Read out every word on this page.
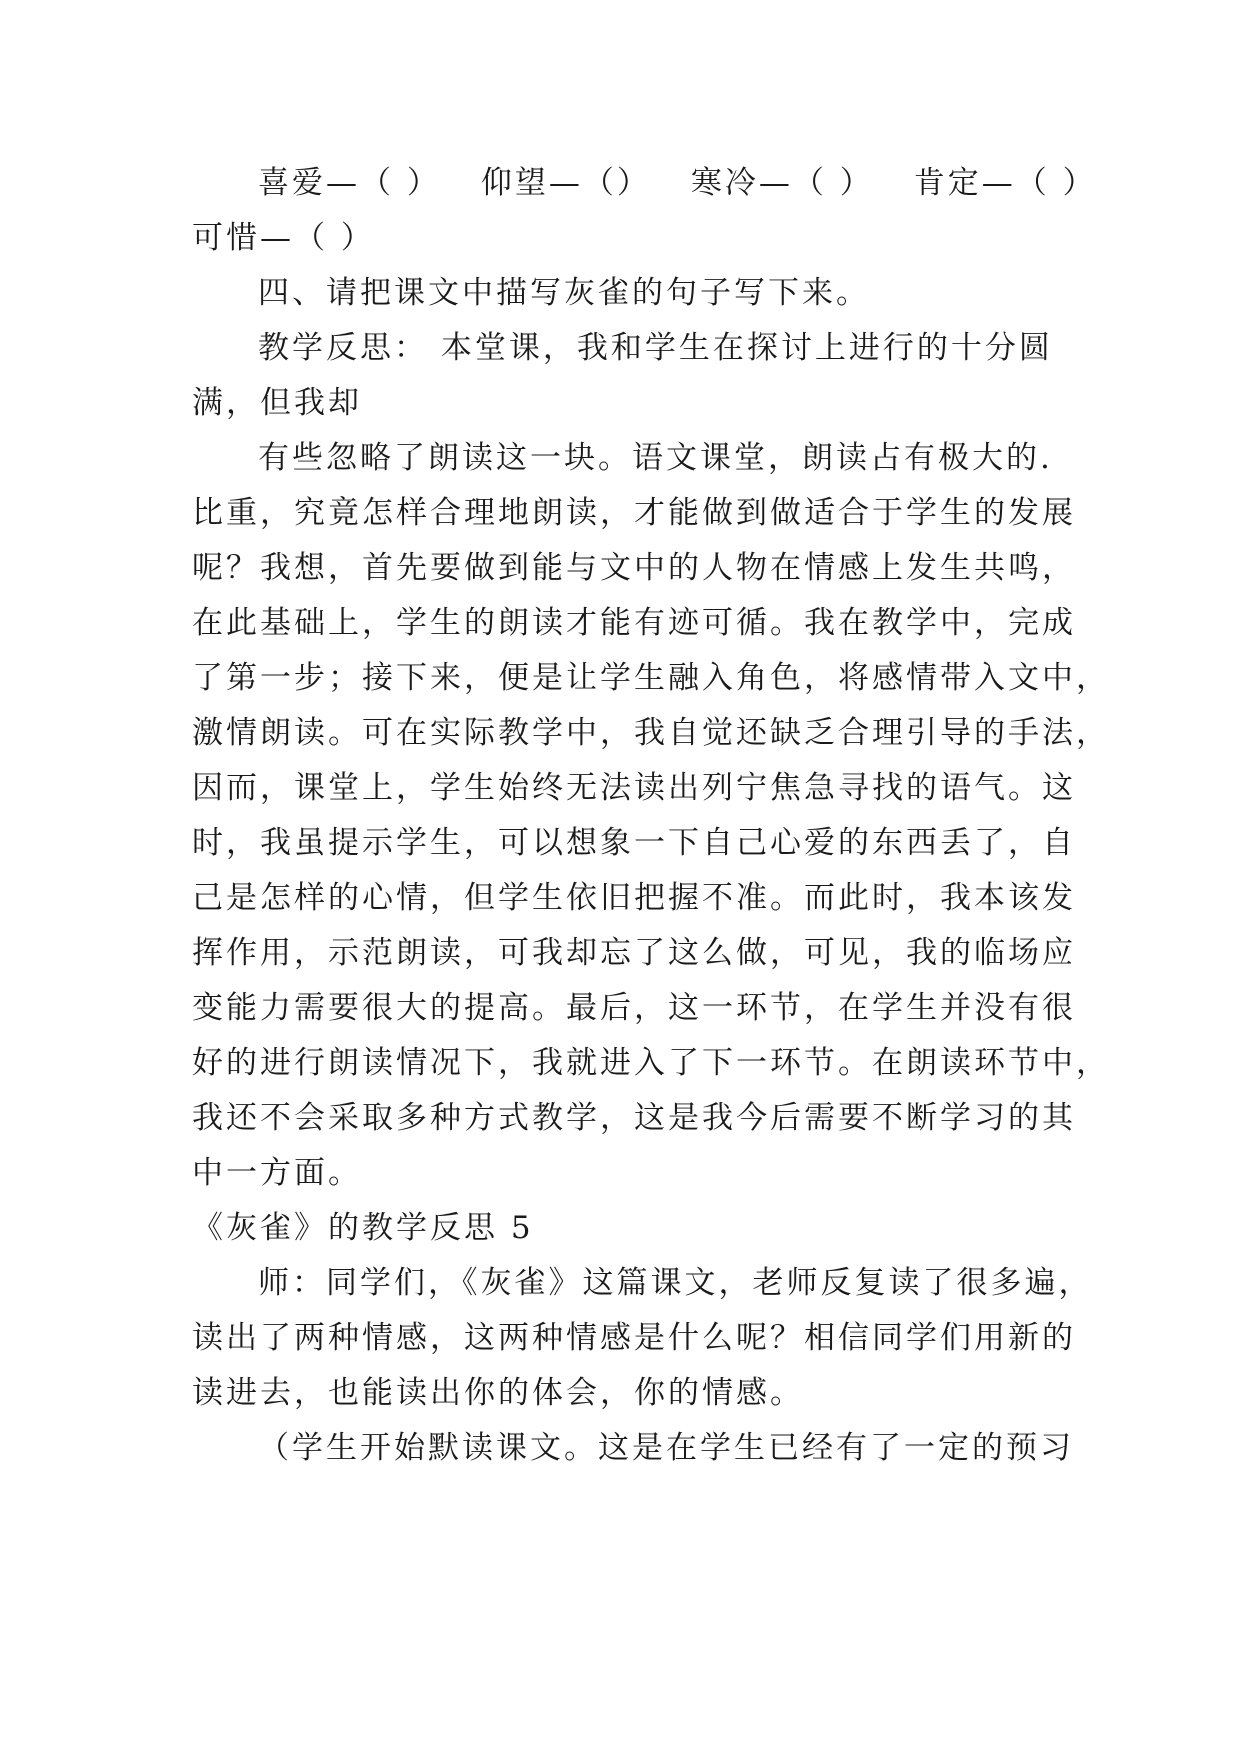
喜爱—（ ） 仰望—（） 寒冷—（ ） 肯定—（ ）
可惜—（ ）
四、请把课文中描写灰雀的句子写下来。
教学反思： 本堂课，我和学生在探讨上进行的十分圆
满，但我却
有些忽略了朗读这一块。语文课堂，朗读占有极大的.
比重，究竟怎样合理地朗读，才能做到做适合于学生的发展
呢？我想，首先要做到能与文中的人物在情感上发生共鸣，
在此基础上，学生的朗读才能有迹可循。我在教学中，完成
了第一步；接下来，便是让学生融入角色，将感情带入文中，
激情朗读。可在实际教学中，我自觉还缺乏合理引导的手法，
因而，课堂上，学生始终无法读出列宁焦急寻找的语气。这
时，我虽提示学生，可以想象一下自己心爱的东西丢了，自
己是怎样的心情，但学生依旧把握不准。而此时，我本该发
挥作用，示范朗读，可我却忘了这么做，可见，我的临场应
变能力需要很大的提高。最后，这一环节，在学生并没有很
好的进行朗读情况下，我就进入了下一环节。在朗读环节中，
我还不会采取多种方式教学，这是我今后需要不断学习的其
中一方面。
《灰雀》的教学反思 5
师：同学们，《灰雀》这篇课文，老师反复读了很多遍，
读出了两种情感，这两种情感是什么呢？相信同学们用新的
读进去，也能读出你的体会，你的情感。
（学生开始默读课文。这是在学生已经有了一定的预习
